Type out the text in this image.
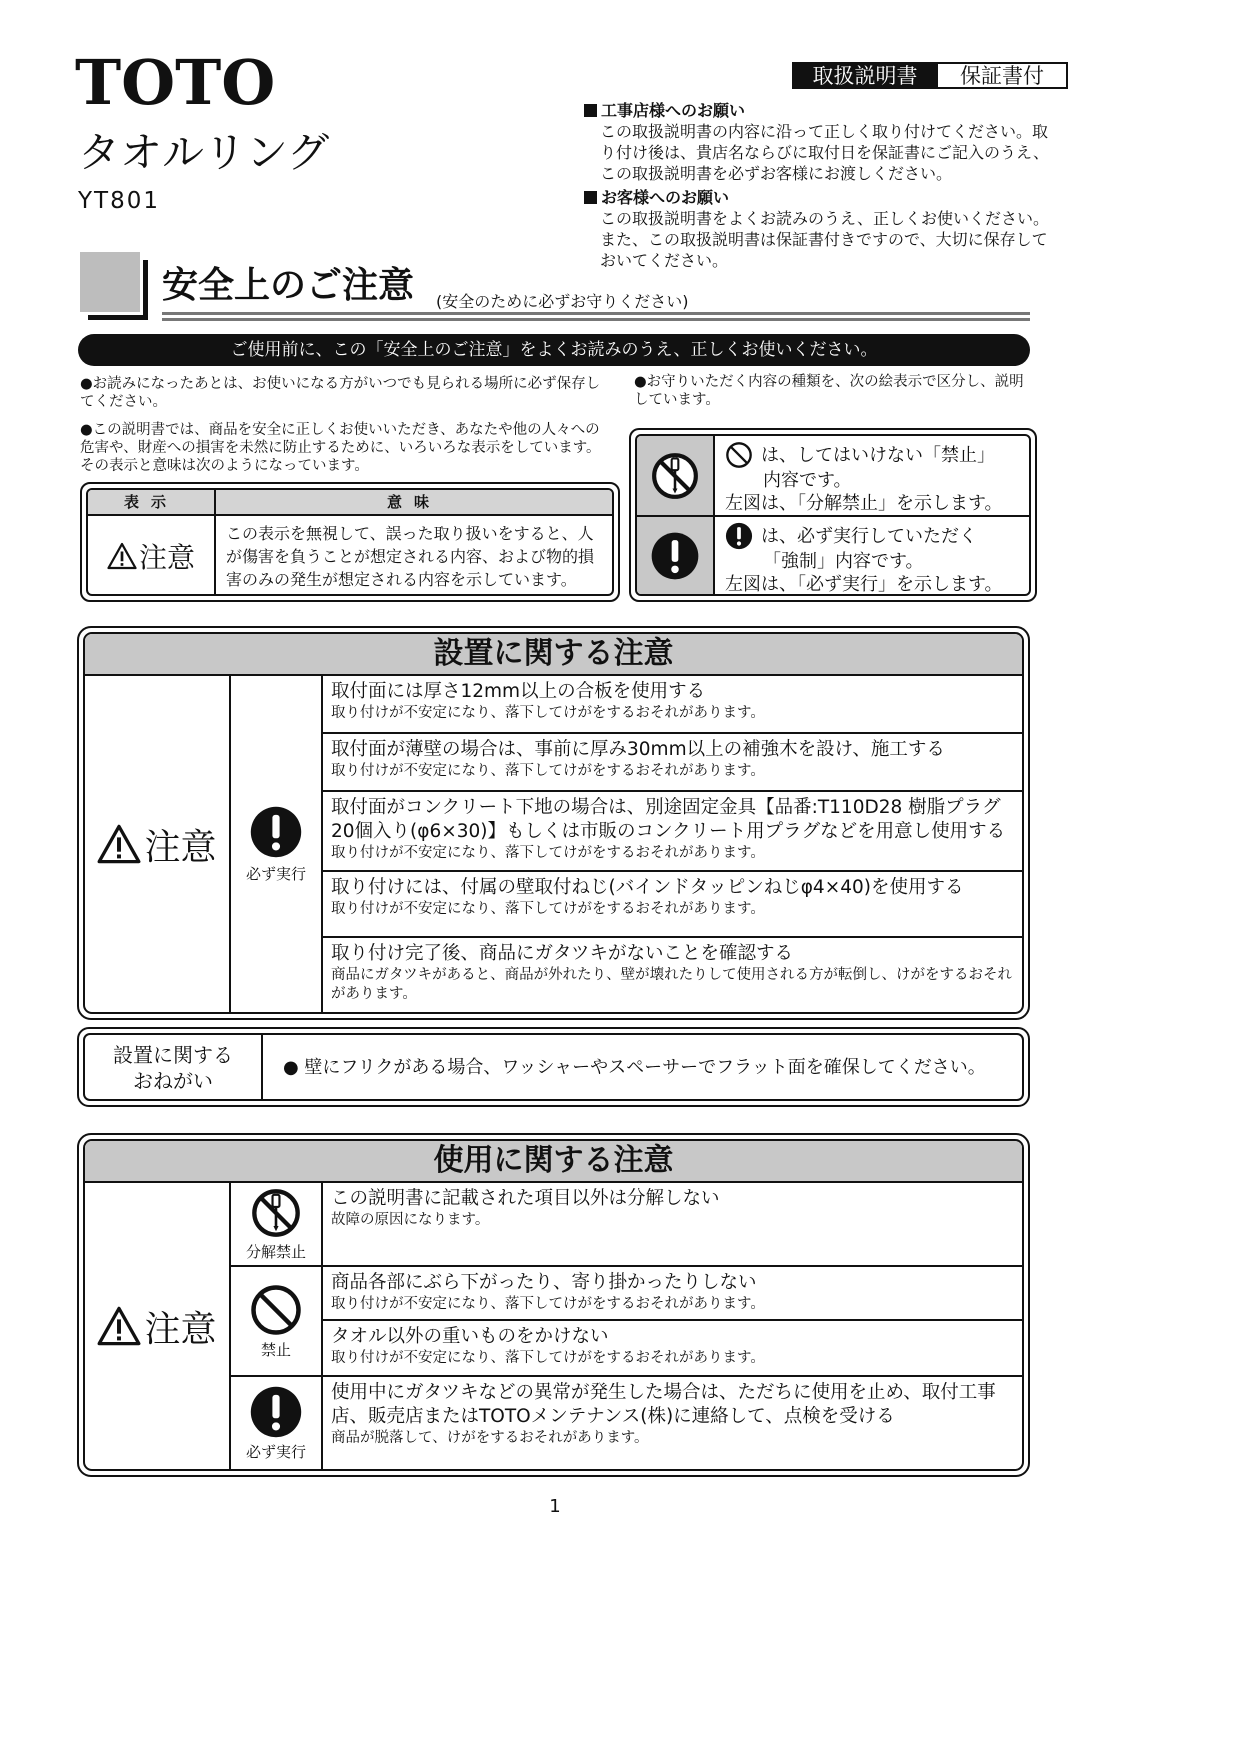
TOTO
タオルリング
YT801
取扱説明書	保証書付
工事店様へのお願い
この取扱説明書の内容に沿って正しく取り付けてください。取り付け後は、貴店名ならびに取付日を保証書にご記入のうえ、この取扱説明書を必ずお客様にお渡しください。
お客様へのお願い
この取扱説明書をよくお読みのうえ、正しくお使いください。また、この取扱説明書は保証書付きですので、大切に保存しておいてください。
安全上のご注意 (安全のために必ずお守りください)
ご使用前に、この「安全上のご注意」をよくお読みのうえ、正しくお使いください。
●お読みになったあとは、お使いになる方がいつでも見られる場所に必ず保存してください。
●この説明書では、商品を安全に正しくお使いいただき、あなたや他の人々への危害や、財産への損害を未然に防止するために、いろいろな表示をしています。その表示と意味は次のようになっています。
●お守りいただく内容の種類を、次の絵表示で区分し、説明しています。
表示	意味
注意
この表示を無視して、誤った取り扱いをすると、人が傷害を負うことが想定される内容、および物的損害のみの発生が想定される内容を示しています。
は、してはいけない「禁止」
内容です。
左図は、「分解禁止」を示します。
は、必ず実行していただく
「強制」内容です。
左図は、「必ず実行」を示します。
設置に関する注意
注意
必ず実行
取付面には厚さ12mm以上の合板を使用する
取り付けが不安定になり、落下してけがをするおそれがあります。
取付面が薄壁の場合は、事前に厚み30mm以上の補強木を設け、施工する
取り付けが不安定になり、落下してけがをするおそれがあります。
取付面がコンクリート下地の場合は、別途固定金具【品番:T110D28 樹脂プラグ 20個入り(φ6×30)】もしくは市販のコンクリート用プラグなどを用意し使用する
取り付けが不安定になり、落下してけがをするおそれがあります。
取り付けには、付属の壁取付ねじ(バインドタッピンねじφ4×40)を使用する
取り付けが不安定になり、落下してけがをするおそれがあります。
取り付け完了後、商品にガタツキがないことを確認する
商品にガタツキがあると、商品が外れたり、壁が壊れたりして使用される方が転倒し、けがをするおそれがあります。
設置に関する
おねがい
● 壁にフリクがある場合、ワッシャーやスペーサーでフラット面を確保してください。
使用に関する注意
注意
分解禁止
禁止
必ず実行
この説明書に記載された項目以外は分解しない
故障の原因になります。
商品各部にぶら下がったり、寄り掛かったりしない
取り付けが不安定になり、落下してけがをするおそれがあります。
タオル以外の重いものをかけない
取り付けが不安定になり、落下してけがをするおそれがあります。
使用中にガタツキなどの異常が発生した場合は、ただちに使用を止め、取付工事店、販売店またはTOTOメンテナンス(株)に連絡して、点検を受ける
商品が脱落して、けがをするおそれがあります。
1
